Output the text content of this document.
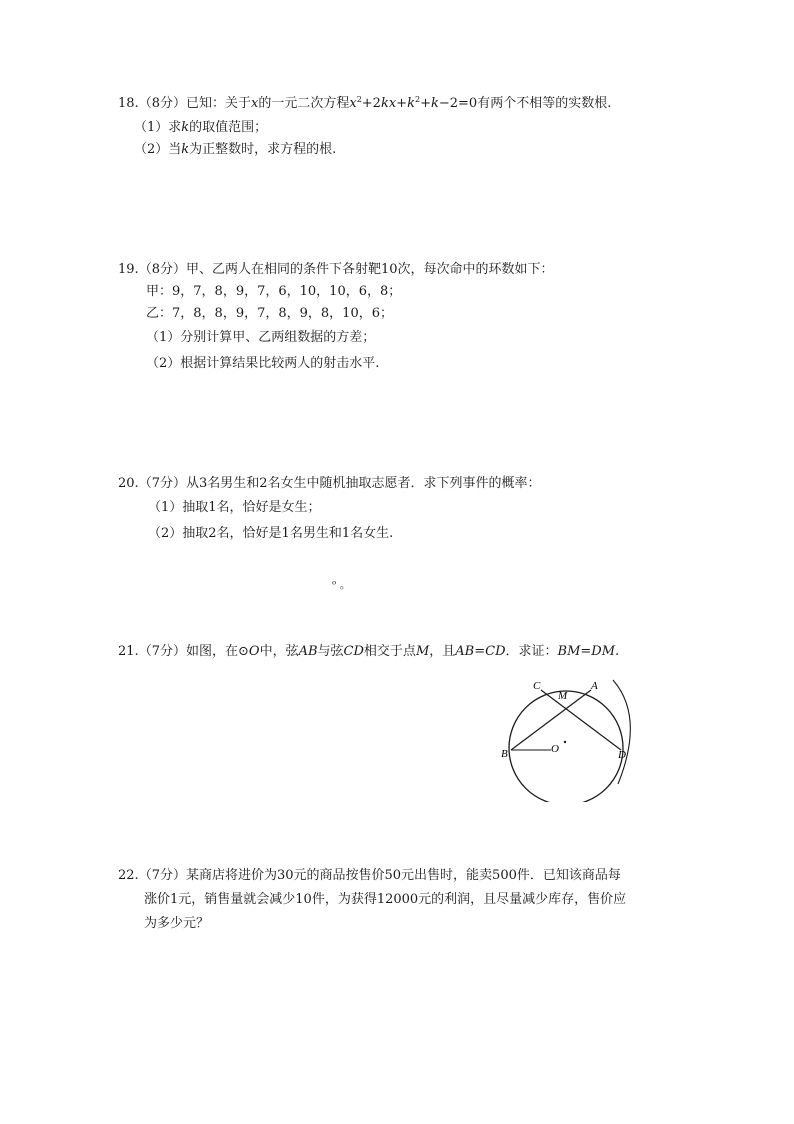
18.（8分）已知：关于x的一元二次方程$x^2+2kx+k^2+k-2=0$有两个不相等的实数根.
（1）求k的取值范围；
（2）当k为正整数时，求方程的根.
19.（8分）甲、乙两人在相同的条件下各射靶10次，每次命中的环数如下：
甲：9，7，8，9，7，6，10，10，6，8；
乙：7，8，8，9，7，8，9，8，10，6；
（1）分别计算甲、乙两组数据的方差；
（2）根据计算结果比较两人的射击水平.
20.（7分）从3名男生和2名女生中随机抽取志愿者．求下列事件的概率：
（1）抽取1名，恰好是女生；
（2）抽取2名，恰好是1名男生和1名女生.
ᵒ 。
21.（7分）如图，在⊙O中，弦AB与弦CD相交于点M，且AB=CD．求证：BM=DM.
C
M
A
B	O	D
22.（7分）某商店将进价为30元的商品按售价50元出售时，能卖500件．已知该商品每
涨价1元，销售量就会减少10件，为获得12000元的利润，且尽量减少库存，售价应
为多少元？
